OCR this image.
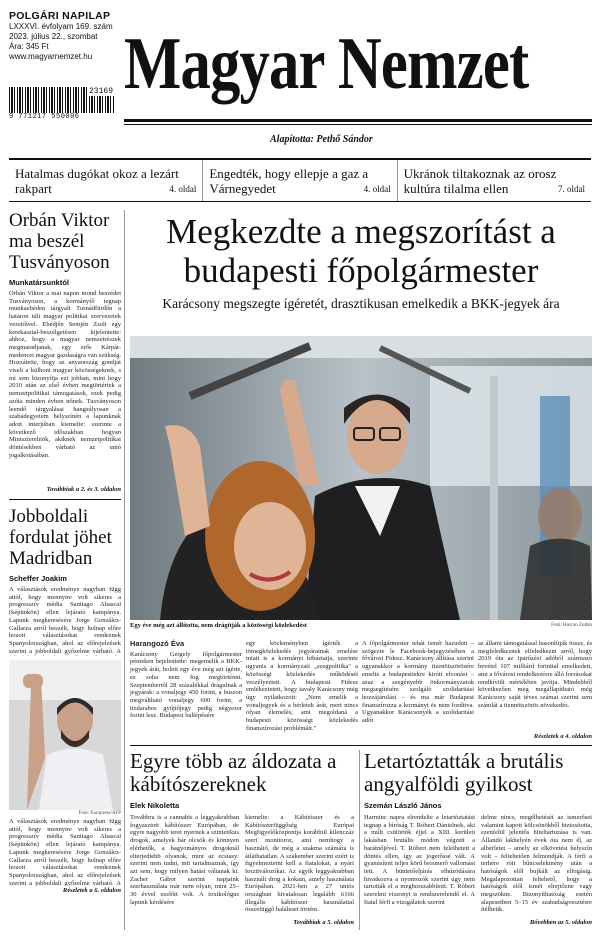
POLGÁRI NAPILAP
LXXXVI. évfolyam 169. szám
2023. július 22., szombat
Ára: 345 Ft
www.magyarnemzet.hu
23169
9 771217 550006
Magyar Nemzet
Alapította: Pethő Sándor
Hatalmas dugókat okoz a lezárt rakpart	4. oldal
Engedték, hogy ellepje a gaz a Várnegyedet	4. oldal
Ukránok tiltakoznak az orosz kultúra tilalma ellen	7. oldal
Orbán Viktor ma beszél Tusványoson
Munkatársunktól
Orbán Viktor a mai napon mond beszédet Tusványoson, a kormányfő tegnap munkaebéden tárgyalt Tusnádfürdőn a határon túli magyar politikai szervezetek vezetőivel. Ebédjén Semjén Zsolt egy kerekasztal-beszélgetésen kijelentette: ahhoz, hogy a magyar nemzetrészek megmaradjanak, egy erős Kárpát-medencei magyar gazdaságra van szükség. Hozzátette, hogy az anyaország gondját viseli a külhoni magyar közösségeknek, s mi sem bizonyítja ezt jobban, mint hogy 2010 után az első évben megtörtértek a nemzetpolitikai támogatások, ezek pedig azóta minden évben nőnek. Tusványoson leendő tárgyalásai hangsúlyosan a szabadegyetem helyszínén a lapunknak adott interjúban kiemelte: szerinte a következő időszakban hogyan Miniszterelnök, akiknek nemzetpolitikai döntésekben várható az unió jogalkotásában.
Továbbiak a 2. és 3. oldalon
Jobboldali fordulat jöhet Madridban
Scheffer Joakim
A választások eredménye nagyban függ attól, hogy mennyire volt sikeres a progresszív média Santiago Abascal (képünkön) ellen lejárató kampánya. Lapunk megkeresésére Jorge González-Gallarza arról beszélt, hogy holnap előre hozott választásokat rendeznek Spanyolországban, ahol az előrejelzések szerint a jobboldali győzelme várható. A
Fotó: Europress/AFP
A választások eredménye nagyban függ attól, hogy mennyire volt sikeres a progresszív média Santiago Abascal (képünkön) ellen lejárató kampánya. Lapunk megkeresésére Jorge González-Gallarza arról beszélt, hogy holnap előre hozott választásokat rendeznek Spanyolországban, ahol az előrejelzések szerint a jobboldali győzelme várható. A
Részletek a 6. oldalon
Megkezdte a megszorítást a budapesti főpolgármester
Karácsony megszegte ígéretét, drasztikusan emelkedik a BKK-jegyek ára
Egy éve még azt állította, nem drágítják a közösségi közlekedést	Fotó: Havran Zoltán
Harangozó Éva
Karácsony Gergely főpolgármester pénteken bejelentette: megemelik a BKK-jegyek árát, holott egy éve még azt ígérte, ez soha nem fog megtörténni. Szeptembertől 28 százalékkal drágulnak a jegyárak: a vonaljegy 450 forint, a buszon megváltható vonaljegy 600 forint, a tizdarabos gyűjtőjegy pedig négyezer forint lesz. Budapest ballépésére
egy közleményben ígérték a tömegközlekedés jegyárainak emelése miatt is a kormányt hibáztatja, szerinte ugyanis a kormányzati „szegpolitika" a közösségi közlekedés működését veszélyezteti. A budapesti Fidesz emlékeztetett, hogy tavaly Karácsony még úgy nyilatkozott: „Nem emelik a vonaljegyek és a bérletek árát, mert nincs olyan élemelés, ami megoldaná a budapesti közösségi közlekedés finanszírozási problémáit."
A főpolgármester tehát ismét hazudott – szögezte le Facebook-bejegyzésében a fővárosi Fidesz. Karácsony állítása szerint ugyanakkor a kormány tizenötszörösére emelte a budapestiekre kirótt elvonást – azaz a szegényebb önkormányzatok megsegítésére szolgáló szolidaritási hozzájárulást – és ma már Budapest finanszírozza a kormányt és nem fordítva. Ugyanakkor Karácsonyék a szolidaritási adót
az állami támogatással hasonlítják össze, és megfeledkeznek elfeledkezni arról, hogy 2019 óta az iparűzési adóból származó bevétel 107 milliárd forinttal emelkedett, ami a fővárosi rendelkezésre álló forrásokat rendkívüli mértékben javítja. Mindebből következően meg megállapítható még Karácsony saját téves számai szerint sem számlát a tiennötszörös növekedés.
Részletek a 4. oldalon
Egyre több az áldozata a kábítószereknek
Elek Nikoletta
Továbbra is a cannabis a leggyakrabban fogyasztott kábítószer Európában, de egyre nagyobb teret nyernek a szintetikus drogok, amelyek bár olcsók és könnyen elérhetők, a hagyományos drogoknál elterjedtebb olyanok, mint az ecstasy: szerint nem tudni, mit tartalmaznak, így azt sem, hogy milyen hatást váltanak ki. Zacher Gábor szerint napjaink szerhasználata már nem olyan, mint 25–30 évvel ezelőtt volt. A toxikológus lapunk kérdésére
kiemelte: a Kábítószer és a Kábítószerfüggőség Európai Megfigyelőközpontja korábbiil kilenczáz szert monitoroz, ami nemhogy a hasznáió, de még a szakma számára is átláthatatlan. A szakember szerint ezért is figyelmeztetni kell a fiatalokat, a nyári fesztiválozókat. Az egyik leggyakrabban használt drog a kokain, amely használata Európában. 2021-ben a 27 uniós országban hivatalosan legalább 6166 illegális kábítószer használattal összefüggő haláleset történt.
Továbbiak a 5. oldalon
Letartóztatták a brutális angyalföldi gyilkost
Szemán László János
Harminc napra elrendelte a letartóztatást tegnap a bíróság T. Róbert Dánielnek, aki a múlt csütörtök éjjel a XIII. kerületi lakásban brutális módon végzett a barátnőjével. T. Róbert nem felelhetett a döntés ellen, így az jogerőssé vált. A gyanúsított teljes körű beismerő vallomást tett. A büntetőeljárás elhúzódására hivatkozva a nyomozók szerint úgy nem tartották el a meghosszabbított. T. Róbert szerelmi viszonyt is rendszerelendő el. A fiatal férfi a vizsgálatok szerint
delme nincs, megélhetését az ismerősei valamint kapott kölcsönökből biztosította, ezenfelül jelentős hiteltartozása is van. Állandó lakhelyén évek óta nem él, az albérletet – amely az elkövetési helyszín volt – feltehetően felmondják. A férfi a terhére rótt bűncselekmény után a hatóságok elől bujkált az elfogásig. Megalapozottan feltehető, hogy a hatóságok elől ismét elrejtőzne vagy megszökne. Bizonyíthatóság esetén alapesetben 5–15 év szabadságvesztésre ítélhetik.
Bővebben az 5. oldalon
